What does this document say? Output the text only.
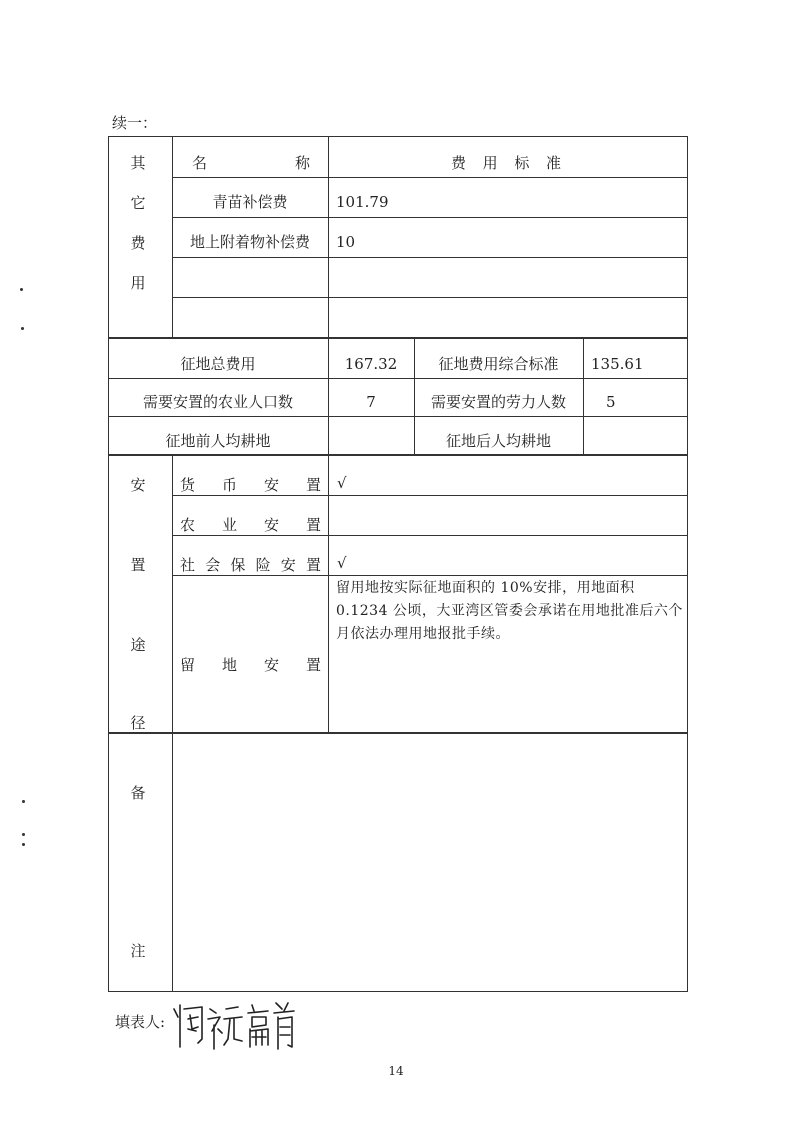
续一：
其
它
费
用
名	称	费 用 标 准
青苗补偿费	101.79
地上附着物补偿费	10
征地总费用	167.32	征地费用综合标准	135.61
需要安置的农业人口数	7	需要安置的劳力人数	5
征地前人均耕地	征地后人均耕地
安
置
途
径
货 币 安 置 √
农 业 安 置
社 会 保 险 安 置 √
留 地 安 置
留用地按实际征地面积的 10%安排，用地面积0.1234 公顷，大亚湾区管委会承诺在用地批准后六个月依法办理用地报批手续。
备
注
填表人:
14
